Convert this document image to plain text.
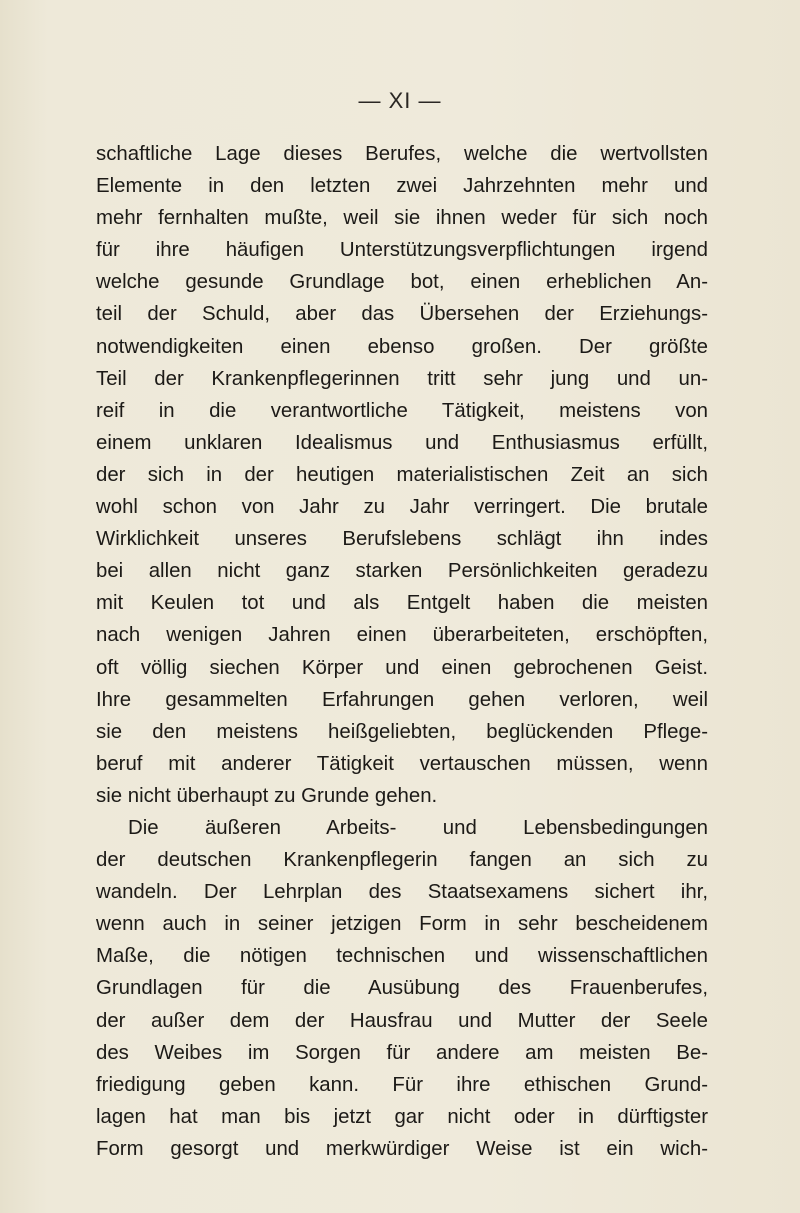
— XI —
schaftliche Lage dieses Berufes, welche die wertvollsten
Elemente in den letzten zwei Jahrzehnten mehr und
mehr fernhalten mußte, weil sie ihnen weder für sich noch
für ihre häufigen Unterstützungsverpflichtungen irgend
welche gesunde Grundlage bot, einen erheblichen An-
teil der Schuld, aber das Übersehen der Erziehungs-
notwendigkeiten einen ebenso großen. Der größte
Teil der Krankenpflegerinnen tritt sehr jung und un-
reif in die verantwortliche Tätigkeit, meistens von
einem unklaren Idealismus und Enthusiasmus erfüllt,
der sich in der heutigen materialistischen Zeit an sich
wohl schon von Jahr zu Jahr verringert. Die brutale
Wirklichkeit unseres Berufslebens schlägt ihn indes
bei allen nicht ganz starken Persönlichkeiten geradezu
mit Keulen tot und als Entgelt haben die meisten
nach wenigen Jahren einen überarbeiteten, erschöpften,
oft völlig siechen Körper und einen gebrochenen Geist.
Ihre gesammelten Erfahrungen gehen verloren, weil
sie den meistens heißgeliebten, beglückenden Pflege-
beruf mit anderer Tätigkeit vertauschen müssen, wenn
sie nicht überhaupt zu Grunde gehen.
Die äußeren Arbeits- und Lebensbedingungen
der deutschen Krankenpflegerin fangen an sich zu
wandeln. Der Lehrplan des Staatsexamens sichert ihr,
wenn auch in seiner jetzigen Form in sehr bescheidenem
Maße, die nötigen technischen und wissenschaftlichen
Grundlagen für die Ausübung des Frauenberufes,
der außer dem der Hausfrau und Mutter der Seele
des Weibes im Sorgen für andere am meisten Be-
friedigung geben kann. Für ihre ethischen Grund-
lagen hat man bis jetzt gar nicht oder in dürftigster
Form gesorgt und merkwürdiger Weise ist ein wich-
